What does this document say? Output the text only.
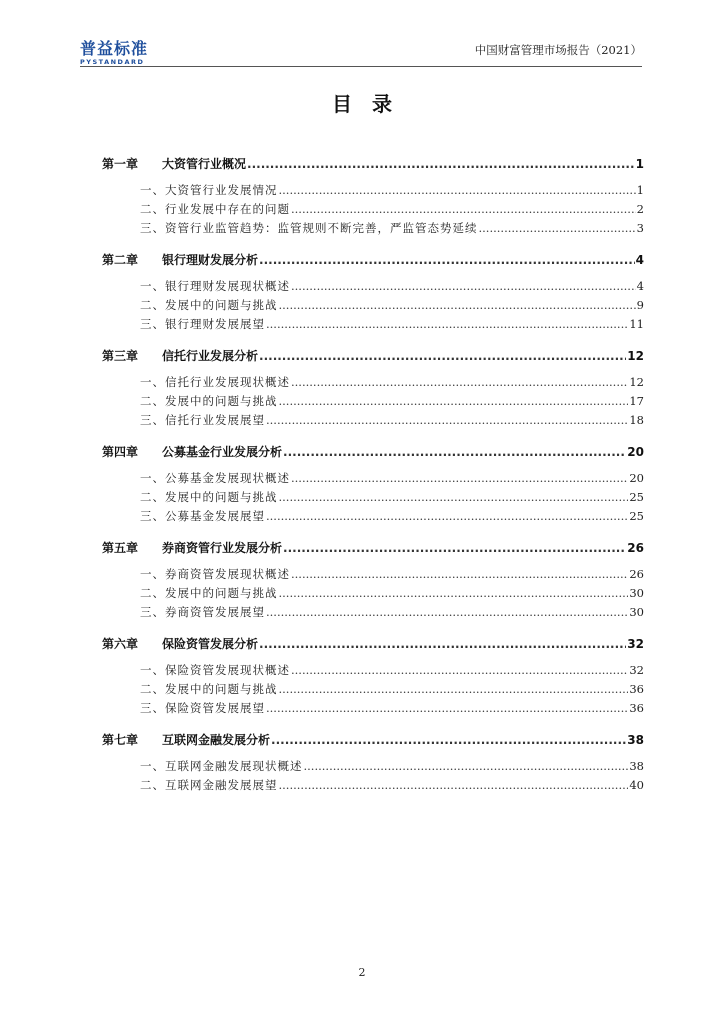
普益标准
PYSTANDARD
中国财富管理市场报告（2021）
目录
第一章	大资管行业概况 .....	1
一、大资管行业发展情况 .....	1
二、行业发展中存在的问题 .....	2
三、资管行业监管趋势：监管规则不断完善，严监管态势延续 .....	3
第二章	银行理财发展分析 .....	4
一、银行理财发展现状概述 .....	4
二、发展中的问题与挑战 .....	9
三、银行理财发展展望 .....	11
第三章	信托行业发展分析 .....	12
一、信托行业发展现状概述 .....	12
二、发展中的问题与挑战 .....	17
三、信托行业发展展望 .....	18
第四章	公募基金行业发展分析 .....	20
一、公募基金发展现状概述 .....	20
二、发展中的问题与挑战 .....	25
三、公募基金发展展望 .....	25
第五章	券商资管行业发展分析 .....	26
一、券商资管发展现状概述 .....	26
二、发展中的问题与挑战 .....	30
三、券商资管发展展望 .....	30
第六章	保险资管发展分析 .....	32
一、保险资管发展现状概述 .....	32
二、发展中的问题与挑战 .....	36
三、保险资管发展展望 .....	36
第七章	互联网金融发展分析 .....	38
一、互联网金融发展现状概述 .....	38
二、互联网金融发展展望 .....	40
2
